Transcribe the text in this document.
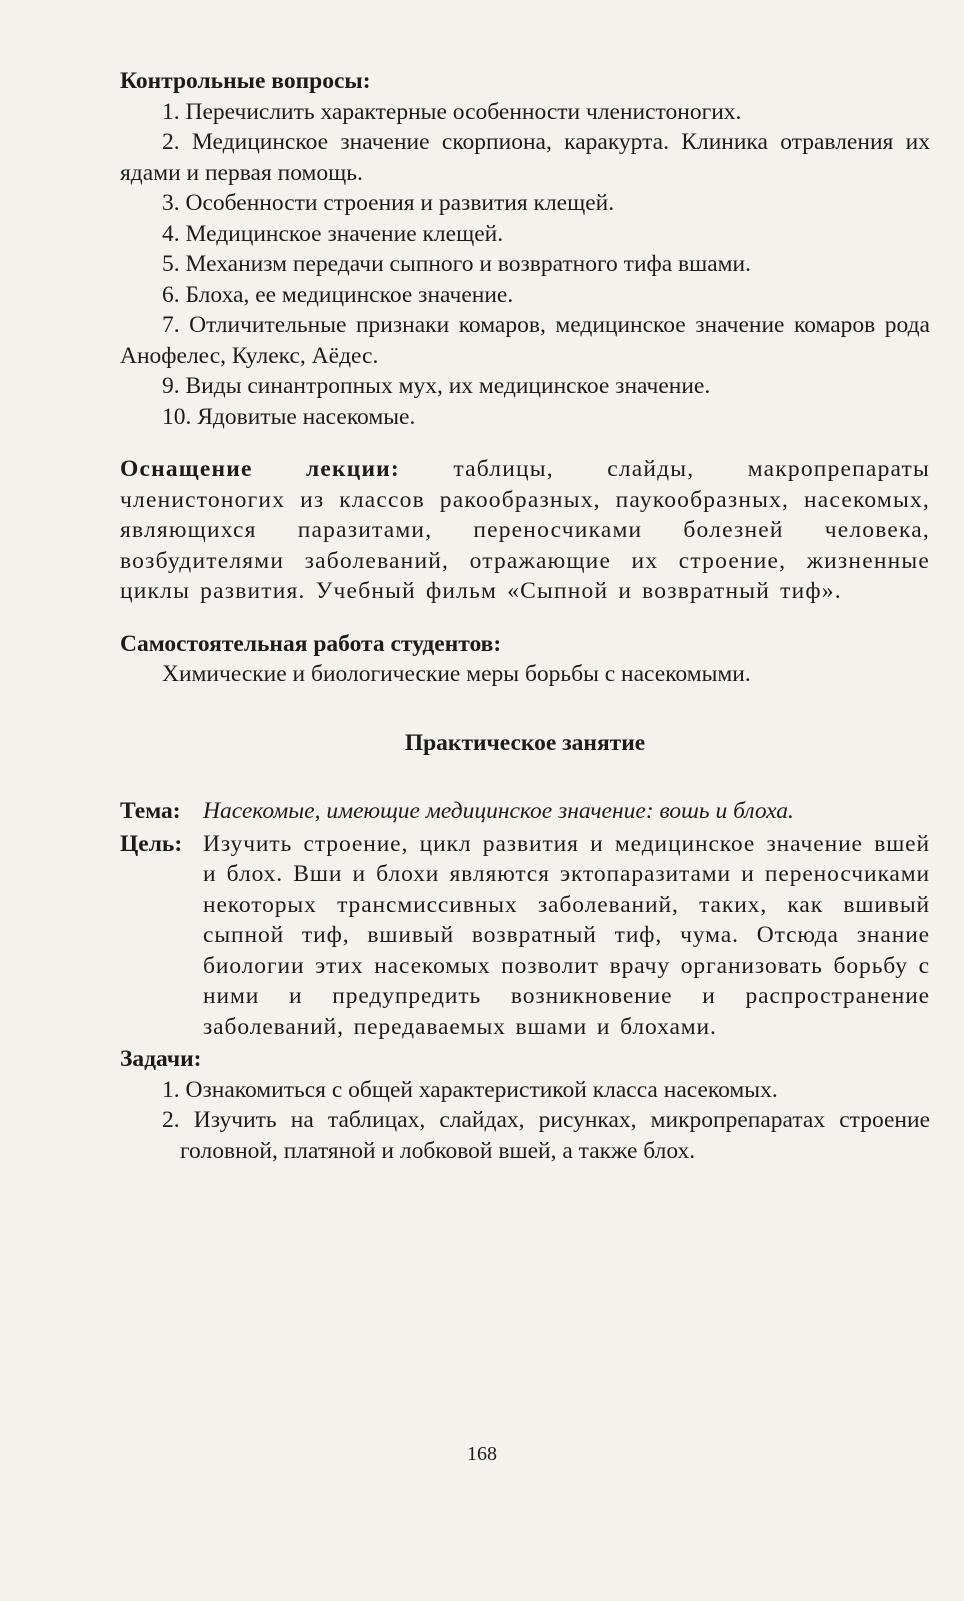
Контрольные вопросы:

1. Перечислить характерные особенности членистоногих.

2. Медицинское значение скорпиона, каракурта. Клиника отравления их ядами и первая помощь.

3. Особенности строения и развития клещей.

4. Медицинское значение клещей.

5. Механизм передачи сыпного и возвратного тифа вшами.

6. Блоха, ее медицинское значение.

7. Отличительные признаки комаров, медицинское значение комаров рода Анофелес, Кулекс, Аёдес.

9. Виды синантропных мух, их медицинское значение.

10. Ядовитые насекомые.

Оснащение лекции: таблицы, слайды, макропрепараты членистоногих из классов ракообразных, паукообразных, насекомых, являющихся паразитами, переносчиками болезней человека, возбудителями заболеваний, отражающие их строение, жизненные циклы развития. Учебный фильм «Сыпной и возвратный тиф».

Самостоятельная работа студентов:

Химические и биологические меры борьбы с насекомыми.

Практическое занятие

Тема: Насекомые, имеющие медицинское значение: вошь и блоха.
Цель: Изучить строение, цикл развития и медицинское значение вшей и блох. Вши и блохи являются эктопаразитами и переносчиками некоторых трансмиссивных заболеваний, таких, как вшивый сыпной тиф, вшивый возвратный тиф, чума. Отсюда знание биологии этих насекомых позволит врачу организовать борьбу с ними и предупредить возникновение и распространение заболеваний, передаваемых вшами и блохами.

Задачи:

1. Ознакомиться с общей характеристикой класса насекомых.

2. Изучить на таблицах, слайдах, рисунках, микропрепаратах строение головной, платяной и лобковой вшей, а также блох.

168
